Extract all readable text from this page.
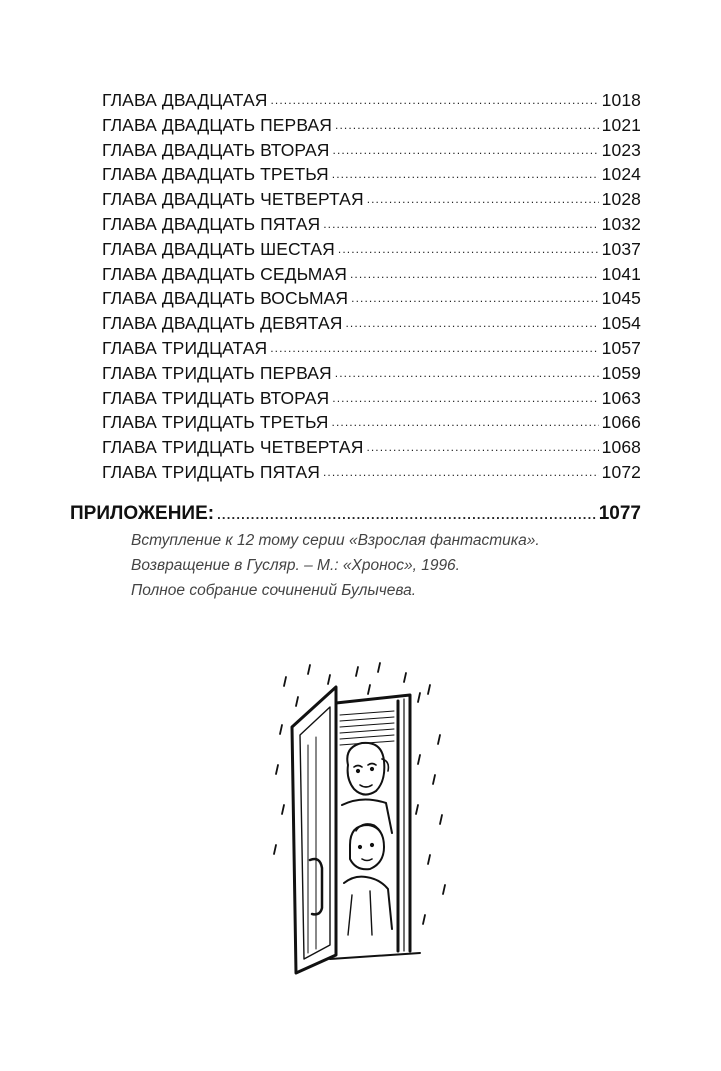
ГЛАВА ДВАДЦАТАЯ .....	1018
ГЛАВА ДВАДЦАТЬ ПЕРВАЯ .....	1021
ГЛАВА ДВАДЦАТЬ ВТОРАЯ .....	1023
ГЛАВА ДВАДЦАТЬ ТРЕТЬЯ .....	1024
ГЛАВА ДВАДЦАТЬ ЧЕТВЕРТАЯ .....	1028
ГЛАВА ДВАДЦАТЬ ПЯТАЯ .....	1032
ГЛАВА ДВАДЦАТЬ ШЕСТАЯ .....	1037
ГЛАВА ДВАДЦАТЬ СЕДЬМАЯ .....	1041
ГЛАВА ДВАДЦАТЬ ВОСЬМАЯ .....	1045
ГЛАВА ДВАДЦАТЬ ДЕВЯТАЯ .....	1054
ГЛАВА ТРИДЦАТАЯ .....	1057
ГЛАВА ТРИДЦАТЬ ПЕРВАЯ .....	1059
ГЛАВА ТРИДЦАТЬ ВТОРАЯ .....	1063
ГЛАВА ТРИДЦАТЬ ТРЕТЬЯ .....	1066
ГЛАВА ТРИДЦАТЬ ЧЕТВЕРТАЯ .....	1068
ГЛАВА ТРИДЦАТЬ ПЯТАЯ .....	1072
ПРИЛОЖЕНИЕ: .....	1077
Вступление к 12 тому серии «Взрослая фантастика».
Возвращение в Гусляр. – М.: «Хронос», 1996.
Полное собрание сочинений Булычева.
